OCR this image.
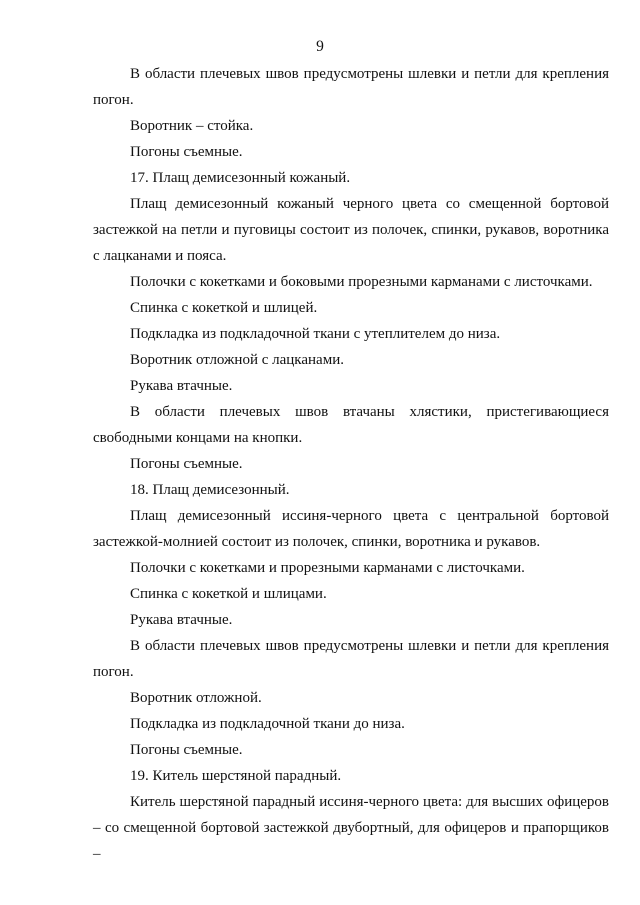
9

В области плечевых швов предусмотрены шлевки и петли для крепления погон.

Воротник – стойка.

Погоны съемные.

17. Плащ демисезонный кожаный.

Плащ демисезонный кожаный черного цвета со смещенной бортовой застежкой на петли и пуговицы состоит из полочек, спинки, рукавов, воротника с лацканами и пояса.

Полочки с кокетками и боковыми прорезными карманами с листочками.

Спинка с кокеткой и шлицей.

Подкладка из подкладочной ткани с утеплителем до низа.

Воротник отложной с лацканами.

Рукава втачные.

В области плечевых швов втачаны хлястики, пристегивающиеся свободными концами на кнопки.

Погоны съемные.

18. Плащ демисезонный.

Плащ демисезонный иссиня-черного цвета с центральной бортовой застежкой-молнией состоит из полочек, спинки, воротника и рукавов.

Полочки с кокетками и прорезными карманами с листочками.

Спинка с кокеткой и шлицами.

Рукава втачные.

В области плечевых швов предусмотрены шлевки и петли для крепления погон.

Воротник отложной.

Подкладка из подкладочной ткани до низа.

Погоны съемные.

19. Китель шерстяной парадный.

Китель шерстяной парадный иссиня-черного цвета: для высших офицеров – со смещенной бортовой застежкой двубортный, для офицеров и прапорщиков –
